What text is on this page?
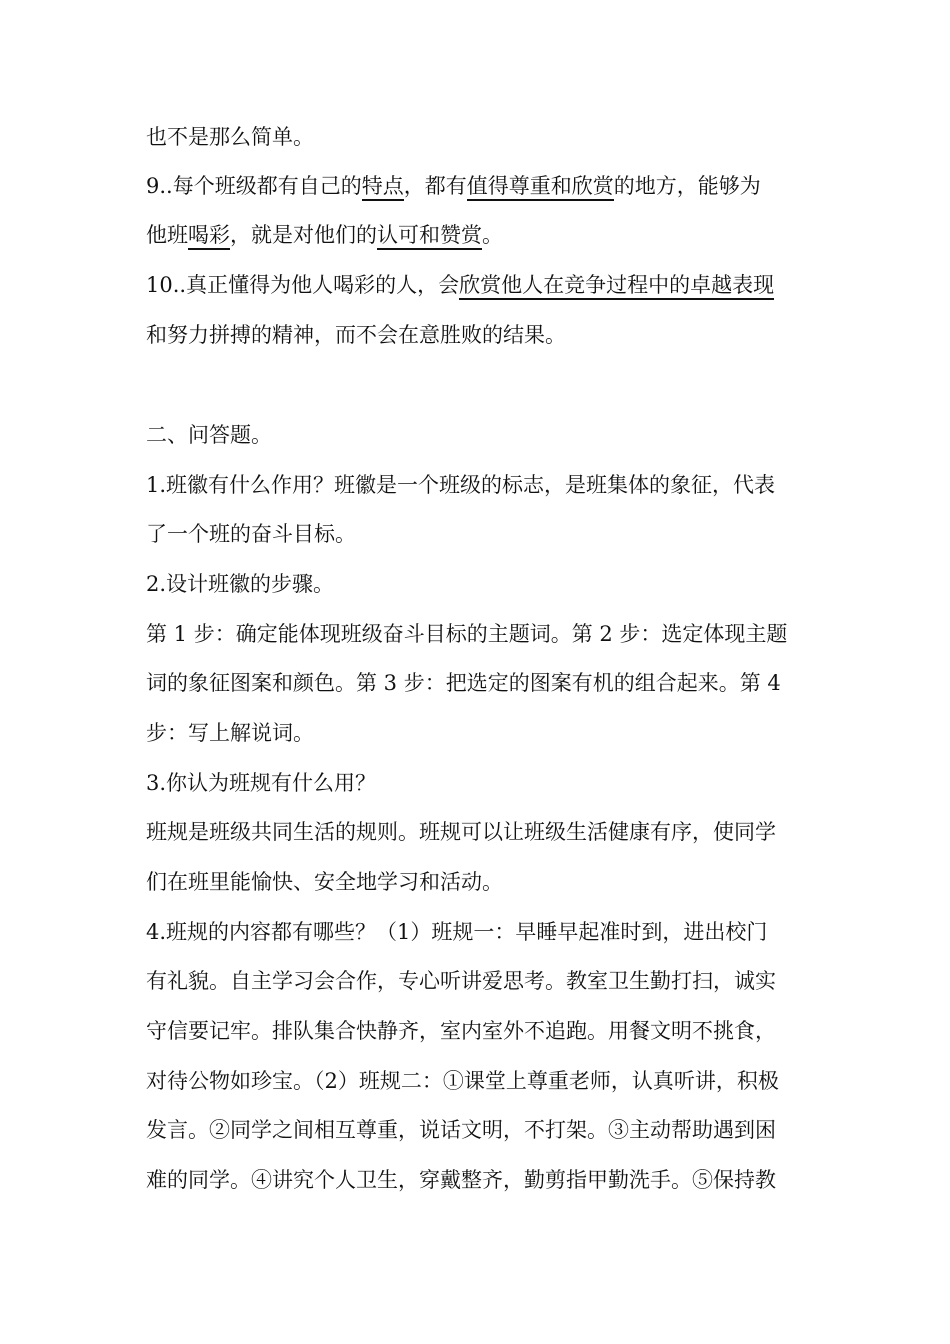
也不是那么简单。
9..每个班级都有自己的特点，都有值得尊重和欣赏的地方，能够为
他班喝彩，就是对他们的认可和赞赏。
10..真正懂得为他人喝彩的人，会欣赏他人在竞争过程中的卓越表现
和努力拼搏的精神，而不会在意胜败的结果。
二、问答题。
1.班徽有什么作用？班徽是一个班级的标志，是班集体的象征，代表
了一个班的奋斗目标。
2.设计班徽的步骤。
第 1 步：确定能体现班级奋斗目标的主题词。第 2 步：选定体现主题
词的象征图案和颜色。第 3 步：把选定的图案有机的组合起来。第 4
步：写上解说词。
3.你认为班规有什么用？
班规是班级共同生活的规则。班规可以让班级生活健康有序，使同学
们在班里能愉快、安全地学习和活动。
4.班规的内容都有哪些？（1）班规一：早睡早起准时到，进出校门
有礼貌。自主学习会合作，专心听讲爱思考。教室卫生勤打扫，诚实
守信要记牢。排队集合快静齐，室内室外不追跑。用餐文明不挑食，
对待公物如珍宝。（2）班规二：①课堂上尊重老师，认真听讲，积极
发言。②同学之间相互尊重，说话文明，不打架。③主动帮助遇到困
难的同学。④讲究个人卫生，穿戴整齐，勤剪指甲勤洗手。⑤保持教
